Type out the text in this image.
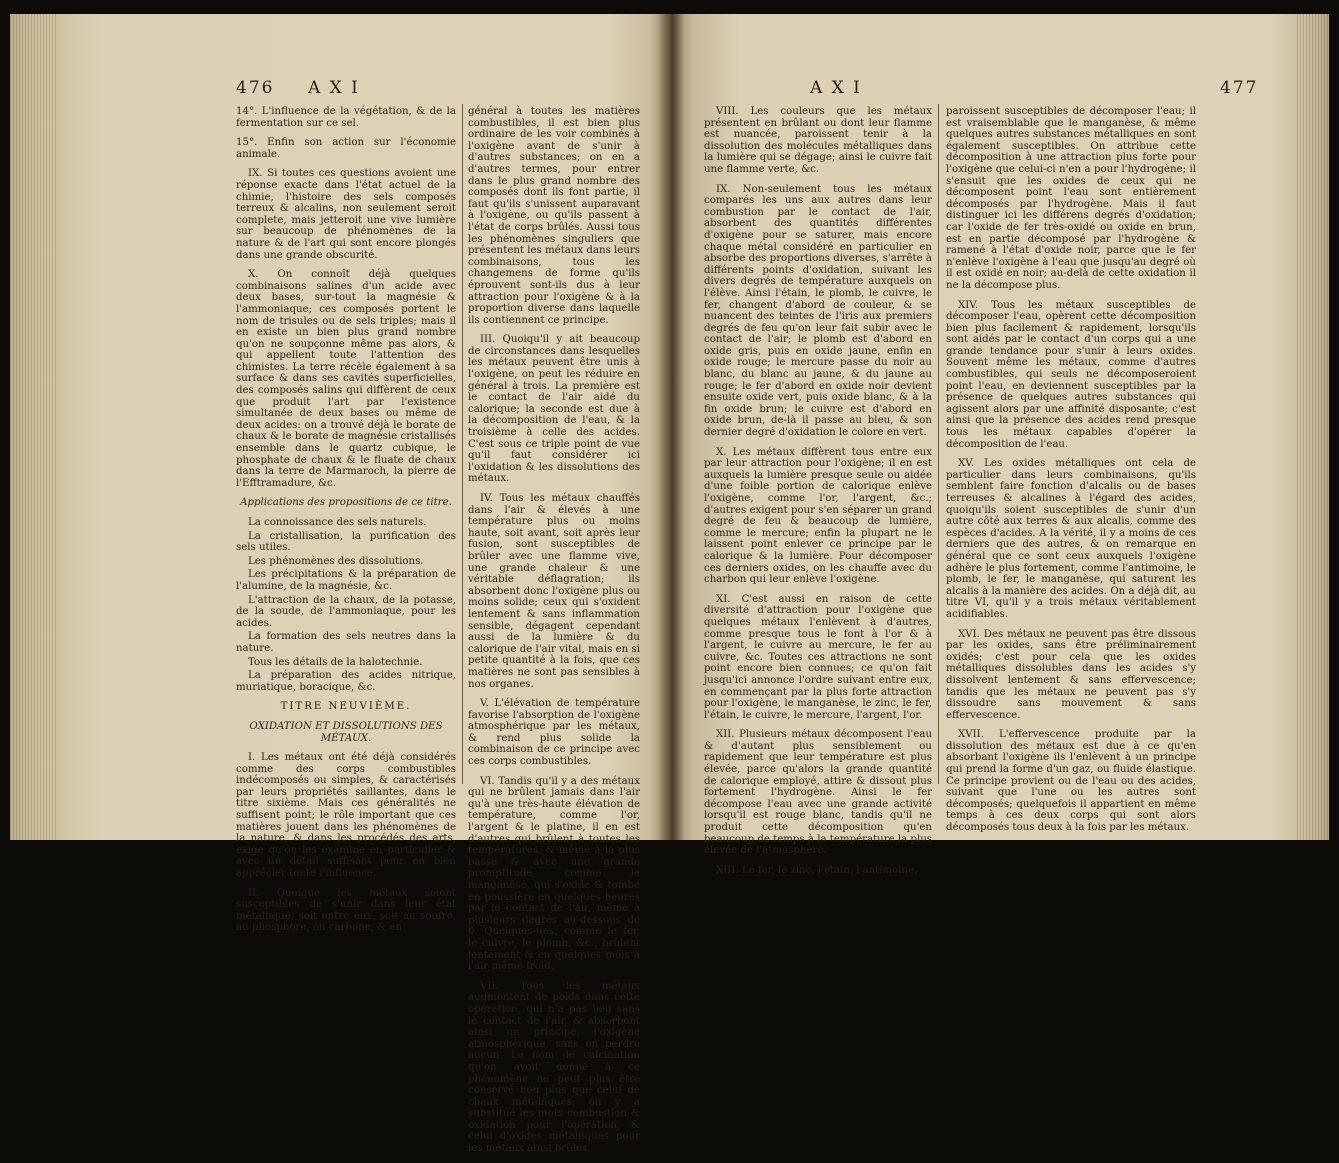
476 A X I

14°. L'influence de la végétation, & de la fermentation sur ce sel.

15°. Enfin son action sur l'économie animale.

IX. Si toutes ces questions avoient une réponse exacte dans l'état actuel de la chimie, l'histoire des sels composés terreux & alcalins, non seulement seroit complete, mais jetteroit une vive lumière sur beaucoup de phénomènes de la nature & de l'art qui sont encore plongés dans une grande obscurité.

X. On connoît déjà quelques combinaisons salines d'un acide avec deux bases, sur-tout la magnésie & l'ammoniaque; ces composés portent le nom de trisules ou de sels triples; mais il en existe un bien plus grand nombre qu'on ne soupçonne même pas alors, & qui appellent toute l'attention des chimistes. La terre récèle également à sa surface & dans ses cavités superficielles, des composés salins qui diffèrent de ceux que produit l'art par l'existence simultanée de deux bases ou même de deux acides: on a trouvé déjà le borate de chaux & le borate de magnésie cristallisés ensemble dans le quartz cubique, le phosphate de chaux & le fluate de chaux dans la terre de Marmaroch, la pierre de l'Efftramadure, &c.

Applications des propositions de ce titre.

La connoissance des sels naturels.

La cristallisation, la purification des sels utiles.

Les phénomènes des dissolutions.

Les précipitations & la préparation de l'alumine, de la magnésie, &c.

L'attraction de la chaux, de la potasse, de la soude, de l'ammoniaque, pour les acides.

La formation des sels neutres dans la nature.

Tous les détails de la halotechnie.

La préparation des acides nitrique, muriatique, boracique, &c.

TITRE NEUVIÈME.

OXIDATION ET DISSOLUTIONS DES MÉTAUX.

I. Les métaux ont été déjà considérés comme des corps combustibles indécomposés ou simples, & caractérisés par leurs propriétés saillantes, dans le titre sixième. Mais ces généralités ne suffisent point; le rôle important que ces matières jouent dans les phénomènes de la nature, & dans les procédés des arts, exige qu'on les examine en particulier & avec un détail suffisant pour en bien apprécier toute l'influence.

II. Quoique les métaux soient susceptibles de s'unir dans leur état métallique, soit entre eux, soit au soufre, au phosphore, au carbone, & en

général à toutes les matières combustibles, il est bien plus ordinaire de les voir combinés à l'oxigène avant de s'unir à d'autres substances; on en a d'autres termes, pour entrer dans le plus grand nombre des composés dont ils font partie, il faut qu'ils s'unissent auparavant à l'oxigène, ou qu'ils passent à l'état de corps brûlés. Aussi tous les phénomènes singuliers que présentent les métaux dans leurs combinaisons, tous les changemens de forme qu'ils éprouvent sont-ils dus à leur attraction pour l'oxigène & à la proportion diverse dans laquelle ils contiennent ce principe.

III. Quoiqu'il y ait beaucoup de circonstances dans lesquelles les métaux peuvent être unis à l'oxigène, on peut les réduire en général à trois. La première est le contact de l'air aidé du calorique; la seconde est due à la décomposition de l'eau, & la troisième à celle des acides. C'est sous ce triple point de vue qu'il faut considérer ici l'oxidation & les dissolutions des métaux.

IV. Tous les métaux chauffés dans l'air & élevés à une température plus ou moins haute, soit avant, soit après leur fusion, sont susceptibles de brûler avec une flamme vive, une grande chaleur & une véritable déflagration; ils absorbent donc l'oxigène plus ou moins solide; ceux qui s'oxident lentement & sans inflammation sensible, dégagent cependant aussi de la lumière & du calorique de l'air vital, mais en si petite quantité à la fois, que ces matières ne sont pas sensibles à nos organes.

V. L'élévation de température favorise l'absorption de l'oxigène atmosphérique par les métaux, & rend plus solide la combinaison de ce principe avec ces corps combustibles.

VI. Tandis qu'il y a des métaux qui ne brûlent jamais dans l'air qu'à une très-haute élévation de température, comme l'or, l'argent & le platine, il en est d'autres qui brûlent à toutes les températures, & même à la plus basse & avec une grande promptitude, comme le manganèse, qui s'oxide & tombe en poussière en quelques heures par le contact de l'air, même à plusieurs degrés au-dessous de 0. Quelques-uns, comme le fer, le cuivre, le plomb, &c., brûlent lentement & en quelques mois à l'air même froid.

VII. Tous les métaux augmentent de poids dans cette opération, qui n'a pas lieu sans le contact de l'air, & absorbent ainsi un principe, l'oxigène atmosphérique, sans en perdre aucun. Le nom de calcination qu'on avoit donné à ce phénomène ne peut plus être conservé non plus que celui de chaux métalliques; on y a substitué les mots combustion & oxidation pour l'opération, & celui d'oxides métalliques pour les métaux ainsi brûlés.

A X I	477

VIII. Les couleurs que les métaux présentent en brûlant ou dont leur flamme est nuancée, paroissent tenir à la dissolution des molécules métalliques dans la lumière qui se dégage; ainsi le cuivre fait une flamme verte, &c.

IX. Non-seulement tous les métaux comparés les uns aux autres dans leur combustion par le contact de l'air, absorbent des quantités différentes d'oxigène pour se saturer, mais encore chaque métal considéré en particulier en absorbe des proportions diverses, s'arrête à différents points d'oxidation, suivant les divers degrés de température auxquels on l'élève. Ainsi l'étain, le plomb, le cuivre, le fer, changent d'abord de couleur, & se nuancent des teintes de l'iris aux premiers degrés de feu qu'on leur fait subir avec le contact de l'air; le plomb est d'abord en oxide gris, puis en oxide jaune, enfin en oxide rouge; le mercure passe du noir au blanc, du blanc au jaune, & du jaune au rouge; le fer d'abord en oxide noir devient ensuite oxide vert, puis oxide blanc, & à la fin oxide brun; le cuivre est d'abord en oxide brun, de-là il passe au bleu, & son dernier degré d'oxidation le colore en vert.

X. Les métaux diffèrent tous entre eux par leur attraction pour l'oxigène; il en est auxquels la lumière presque seule ou aidée d'une foible portion de calorique enlève l'oxigène, comme l'or, l'argent, &c.; d'autres exigent pour s'en séparer un grand degré de feu & beaucoup de lumière, comme le mercure; enfin la plupart ne le laissent point enlever ce principe par le calorique & la lumière. Pour décomposer ces derniers oxides, on les chauffe avec du charbon qui leur enlève l'oxigène.

XI. C'est aussi en raison de cette diversité d'attraction pour l'oxigène que quelques métaux l'enlèvent à d'autres, comme presque tous le font à l'or & à l'argent, le cuivre au mercure, le fer au cuivre, &c. Toutes ces attractions ne sont point encore bien connues; ce qu'on fait jusqu'ici annonce l'ordre suivant entre eux, en commençant par la plus forte attraction pour l'oxigène, le manganèse, le zinc, le fer, l'étain, le cuivre, le mercure, l'argent, l'or.

XII. Plusieurs métaux décomposent l'eau & d'autant plus sensiblement ou rapidement que leur température est plus élevée, parce qu'alors la grande quantité de calorique employé, attire & dissout plus fortement l'hydrogène. Ainsi le fer décompose l'eau avec une grande activité lorsqu'il est rouge blanc, tandis qu'il ne produit cette décomposition qu'en beaucoup de temps à la température la plus élevée de l'atmosphère.

XIII. Le fer, le zinc, l'étain, l'antimoine,

paroissent susceptibles de décomposer l'eau; il est vraisemblable que le manganèse, & même quelques autres substances métalliques en sont également susceptibles. On attribue cette décomposition à une attraction plus forte pour l'oxigène que celui-ci n'en a pour l'hydrogène; il s'ensuit que les oxides de ceux qui ne décomposent point l'eau sont entièrement décomposés par l'hydrogène. Mais il faut distinguer ici les différens degrés d'oxidation; car l'oxide de fer très-oxidé ou oxide en brun, est en partie décomposé par l'hydrogène & ramené à l'état d'oxide noir, parce que le fer n'enlève l'oxigène à l'eau que jusqu'au degré où il est oxidé en noir; au-delà de cette oxidation il ne la décompose plus.

XIV. Tous les métaux susceptibles de décomposer l'eau, opèrent cette décomposition bien plus facilement & rapidement, lorsqu'ils sont aidés par le contact d'un corps qui a une grande tendance pour s'unir à leurs oxides. Souvent même les métaux, comme d'autres combustibles, qui seuls ne décomposeroient point l'eau, en deviennent susceptibles par la présence de quelques autres substances qui agissent alors par une affinité disposante; c'est ainsi que la présence des acides rend presque tous les métaux capables d'opérer la décomposition de l'eau.

XV. Les oxides métalliques ont cela de particulier dans leurs combinaisons, qu'ils semblent faire fonction d'alcalis ou de bases terreuses & alcalines à l'égard des acides, quoiqu'ils soient susceptibles de s'unir d'un autre côté aux terres & aux alcalis, comme des espèces d'acides. A la vérité, il y a moins de ces derniers que des autres, & on remarque en général que ce sont ceux auxquels l'oxigène adhère le plus fortement, comme l'antimoine, le plomb, le fer, le manganèse, qui saturent les alcalis à la manière des acides. On a déjà dit, au titre VI, qu'il y a trois métaux véritablement acidifiables.

XVI. Des métaux ne peuvent pas être dissous par les oxides, sans être préliminairement oxidés; c'est pour cela que les oxides métalliques dissolubles dans les acides s'y dissolvent lentement & sans effervescence; tandis que les métaux ne peuvent pas s'y dissoudre sans mouvement & sans effervescence.

XVII. L'effervescence produite par la dissolution des métaux est due à ce qu'en absorbant l'oxigène ils l'enlèvent à un principe qui prend la forme d'un gaz, ou fluide élastique. Ce principe provient ou de l'eau ou des acides, suivant que l'une ou les autres sont décomposés; quelquefois il appartient en même temps à ces deux corps qui sont alors décomposés tous deux à la fois par les métaux.
